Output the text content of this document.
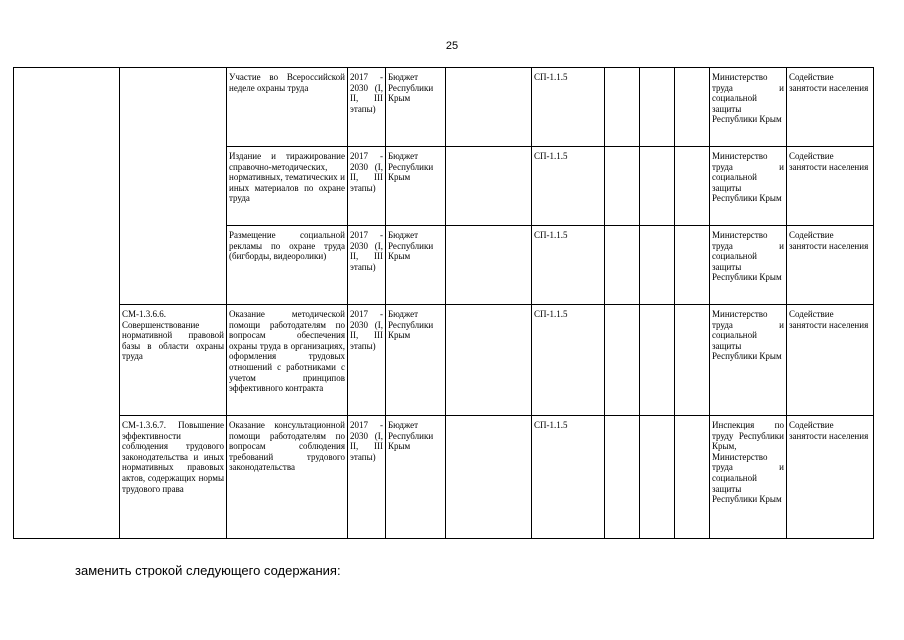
25
		Участие во Всероссийской неделе охраны труда	2017 - 2030 (I, II, III этапы)	Бюджет Республики Крым		СП-1.1.5				Министерство труда и социальной защиты Республики Крым	Содействие занятости населения
		Издание и тиражирование справочно-методических, нормативных, тематических и иных материалов по охране труда	2017 - 2030 (I, II, III этапы)	Бюджет Республики Крым		СП-1.1.5				Министерство труда и социальной защиты Республики Крым	Содействие занятости населения
		Размещение социальной рекламы по охране труда (бигборды, видеоролики)	2017 - 2030 (I, II, III этапы)	Бюджет Республики Крым		СП-1.1.5				Министерство труда и социальной защиты Республики Крым	Содействие занятости населения
	СМ-1.3.6.6. Совершенствование нормативной правовой базы в области охраны труда	Оказание методической помощи работодателям по вопросам обеспечения охраны труда в организациях, оформления трудовых отношений с работниками с учетом принципов эффективного контракта	2017 - 2030 (I, II, III этапы)	Бюджет Республики Крым		СП-1.1.5				Министерство труда и социальной защиты Республики Крым	Содействие занятости населения
	СМ-1.3.6.7. Повышение эффективности соблюдения трудового законодательства и иных нормативных правовых актов, содержащих нормы трудового права	Оказание консультационной помощи работодателям по вопросам соблюдения требований трудового законодательства	2017 - 2030 (I, II, III этапы)	Бюджет Республики Крым		СП-1.1.5				Инспекция по труду Республики Крым, Министерство труда и социальной защиты Республики Крым	Содействие занятости населения
заменить строкой следующего содержания:
